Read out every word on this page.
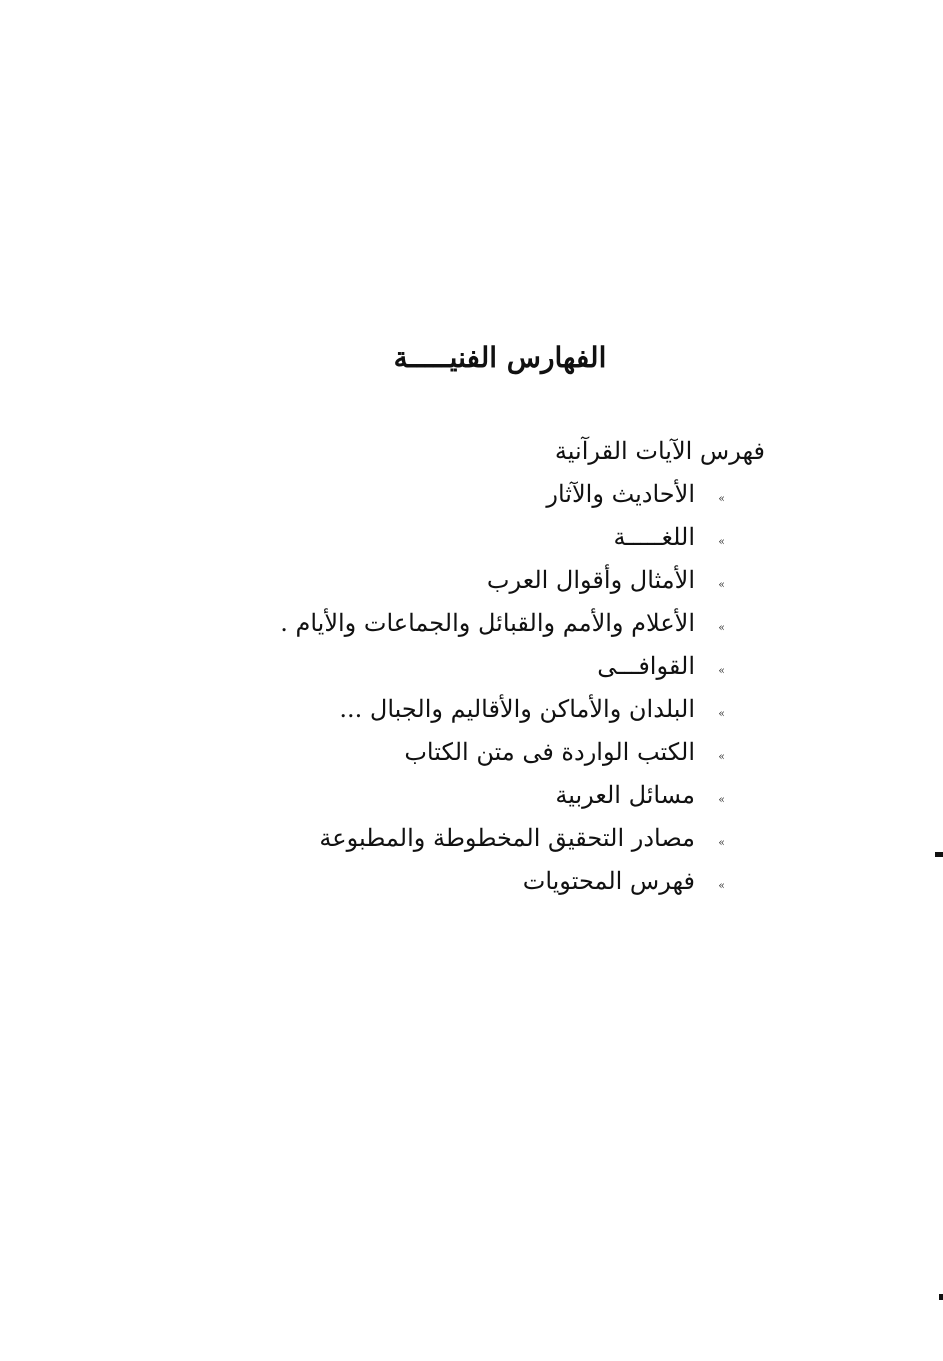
الفهارس الفنيـــــة
فهرس الآيات القرآنية
»
الأحاديث والآثار
»
اللغـــــة
»
الأمثال وأقوال العرب
»
الأعلام والأمم والقبائل والجماعات والأيام .
»
القوافـــى
»
البلدان والأماكن والأقاليم والجبال ...
»
الكتب الواردة فى متن الكتاب
»
مسائل العربية
»
مصادر التحقيق المخطوطة والمطبوعة
»
فهرس المحتويات
